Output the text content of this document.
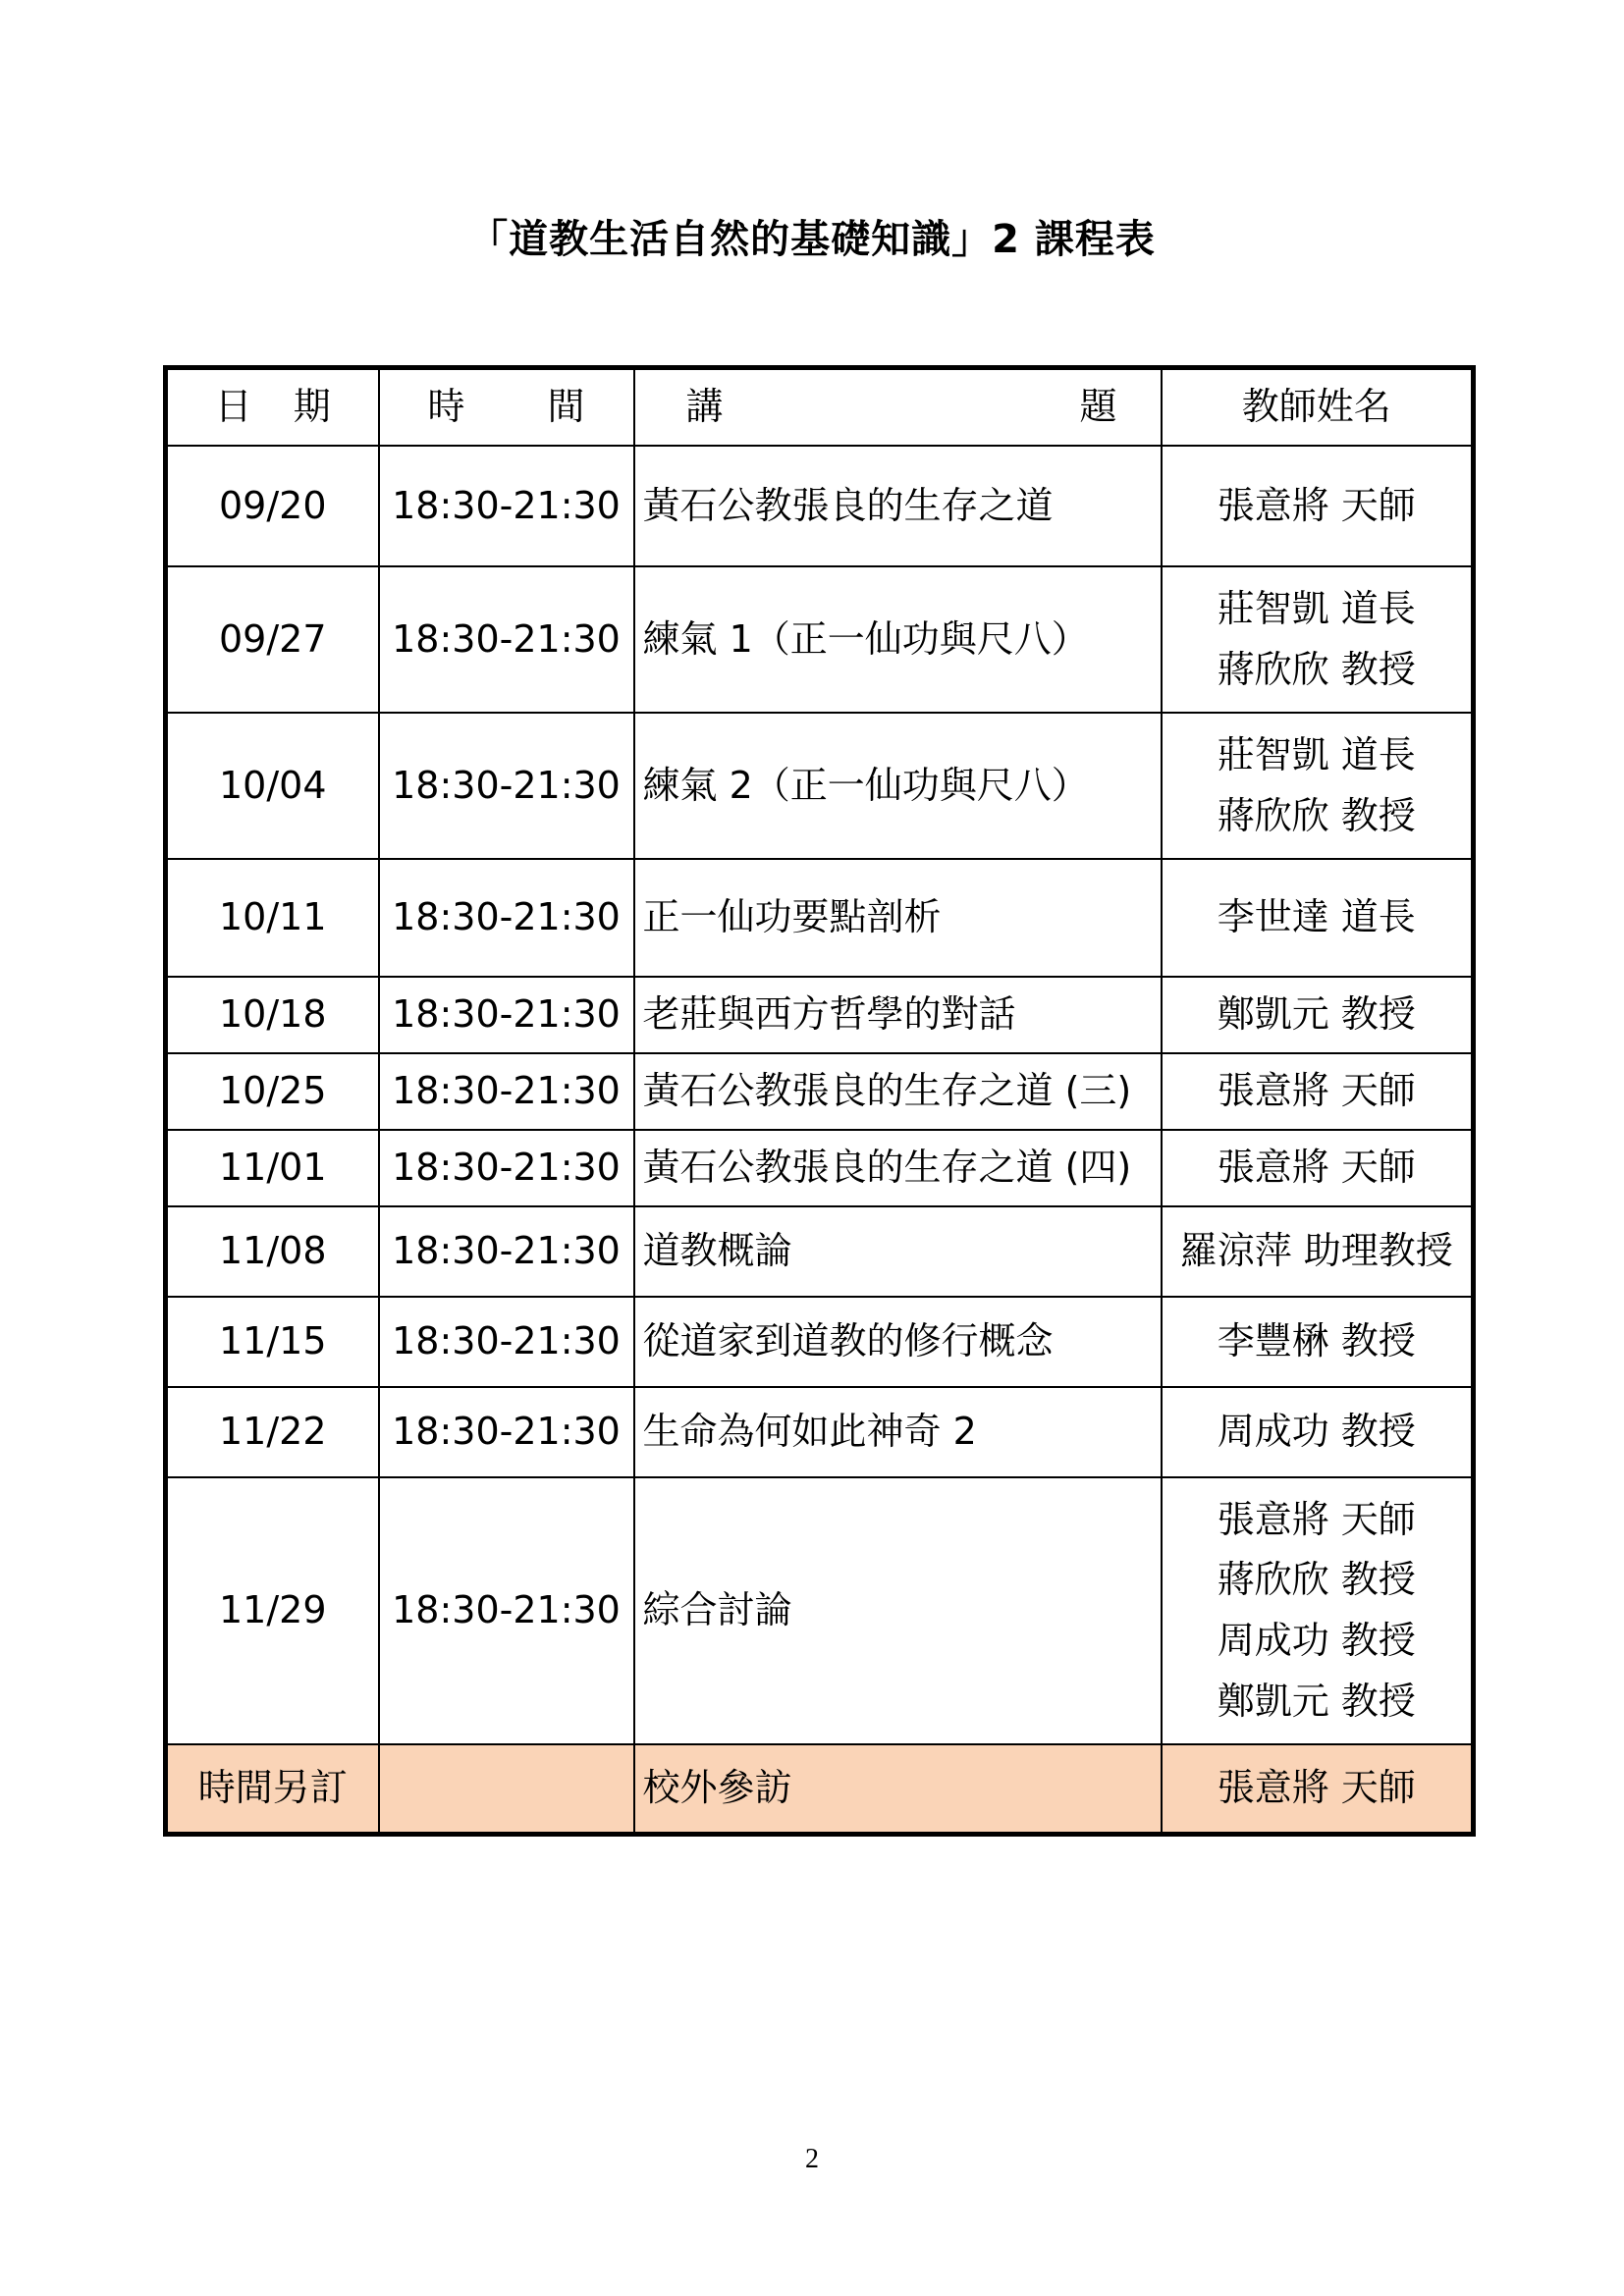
「道教生活自然的基礎知識」2 課程表
日 期	時 間	講 題	教師姓名
09/20	18:30-21:30	黃石公教張良的生存之道	張意將 天師
09/27	18:30-21:30	練氣 1（正一仙功與尺八）	莊智凱 道長
蔣欣欣 教授

10/04	18:30-21:30	練氣 2（正一仙功與尺八）	莊智凱 道長
蔣欣欣 教授

10/11	18:30-21:30	正一仙功要點剖析	李世達 道長
10/18	18:30-21:30	老莊與西方哲學的對話	鄭凱元 教授
10/25	18:30-21:30	黃石公教張良的生存之道 (三)	張意將 天師
11/01	18:30-21:30	黃石公教張良的生存之道 (四)	張意將 天師
11/08	18:30-21:30	道教概論	羅涼萍 助理教授
11/15	18:30-21:30	從道家到道教的修行概念	李豐楙 教授
11/22	18:30-21:30	生命為何如此神奇 2	周成功 教授
11/29	18:30-21:30	綜合討論	張意將 天師
蔣欣欣 教授
周成功 教授
鄭凱元 教授

時間另訂		校外參訪	張意將 天師
2
